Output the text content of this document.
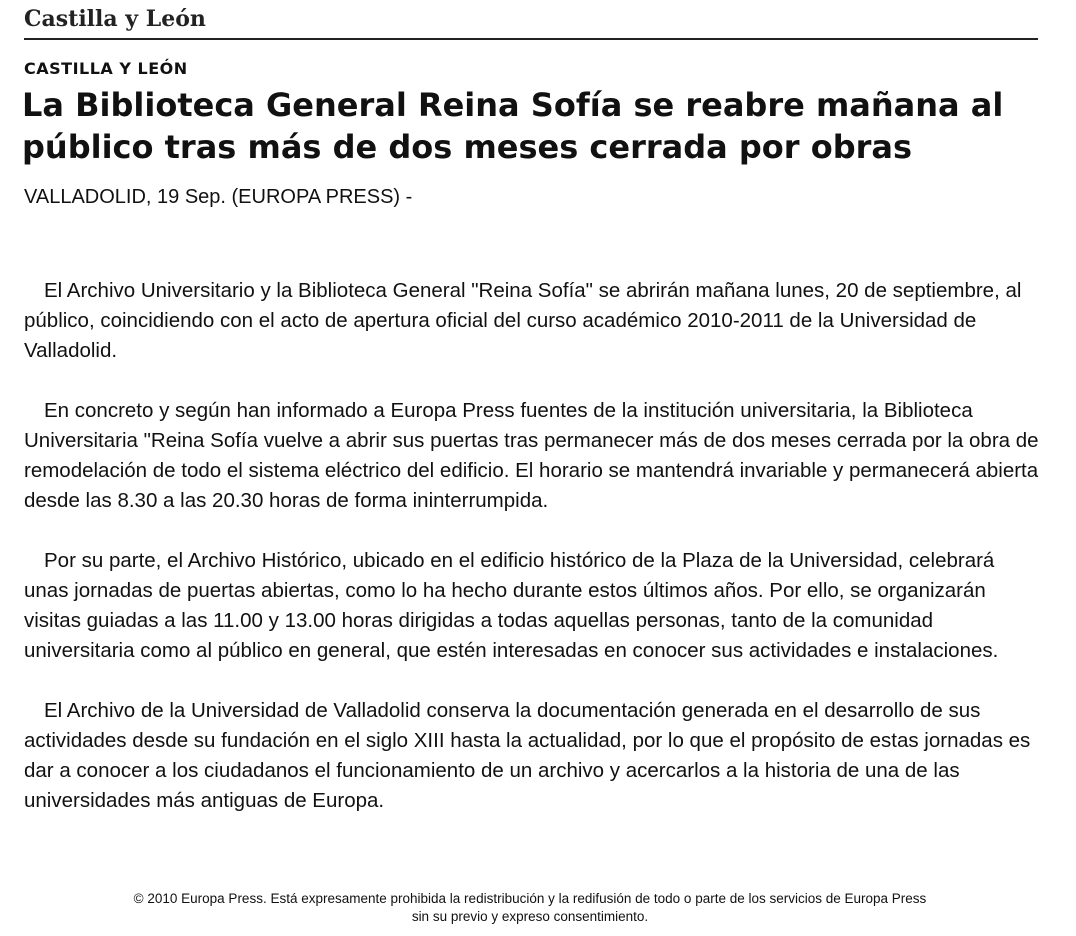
Castilla y León
CASTILLA Y LEÓN
La Biblioteca General Reina Sofía se reabre mañana al público tras más de dos meses cerrada por obras
VALLADOLID, 19 Sep. (EUROPA PRESS) -

El Archivo Universitario y la Biblioteca General "Reina Sofía" se abrirán mañana lunes, 20 de septiembre, al público, coincidiendo con el acto de apertura oficial del curso académico 2010-2011 de la Universidad de Valladolid.

En concreto y según han informado a Europa Press fuentes de la institución universitaria, la Biblioteca Universitaria "Reina Sofía vuelve a abrir sus puertas tras permanecer más de dos meses cerrada por la obra de remodelación de todo el sistema eléctrico del edificio. El horario se mantendrá invariable y permanecerá abierta desde las 8.30 a las 20.30 horas de forma ininterrumpida.

Por su parte, el Archivo Histórico, ubicado en el edificio histórico de la Plaza de la Universidad, celebrará unas jornadas de puertas abiertas, como lo ha hecho durante estos últimos años. Por ello, se organizarán visitas guiadas a las 11.00 y 13.00 horas dirigidas a todas aquellas personas, tanto de la comunidad universitaria como al público en general, que estén interesadas en conocer sus actividades e instalaciones.

El Archivo de la Universidad de Valladolid conserva la documentación generada en el desarrollo de sus actividades desde su fundación en el siglo XIII hasta la actualidad, por lo que el propósito de estas jornadas es dar a conocer a los ciudadanos el funcionamiento de un archivo y acercarlos a la historia de una de las universidades más antiguas de Europa.

© 2010 Europa Press. Está expresamente prohibida la redistribución y la redifusión de todo o parte de los servicios de Europa Press
sin su previo y expreso consentimiento.
